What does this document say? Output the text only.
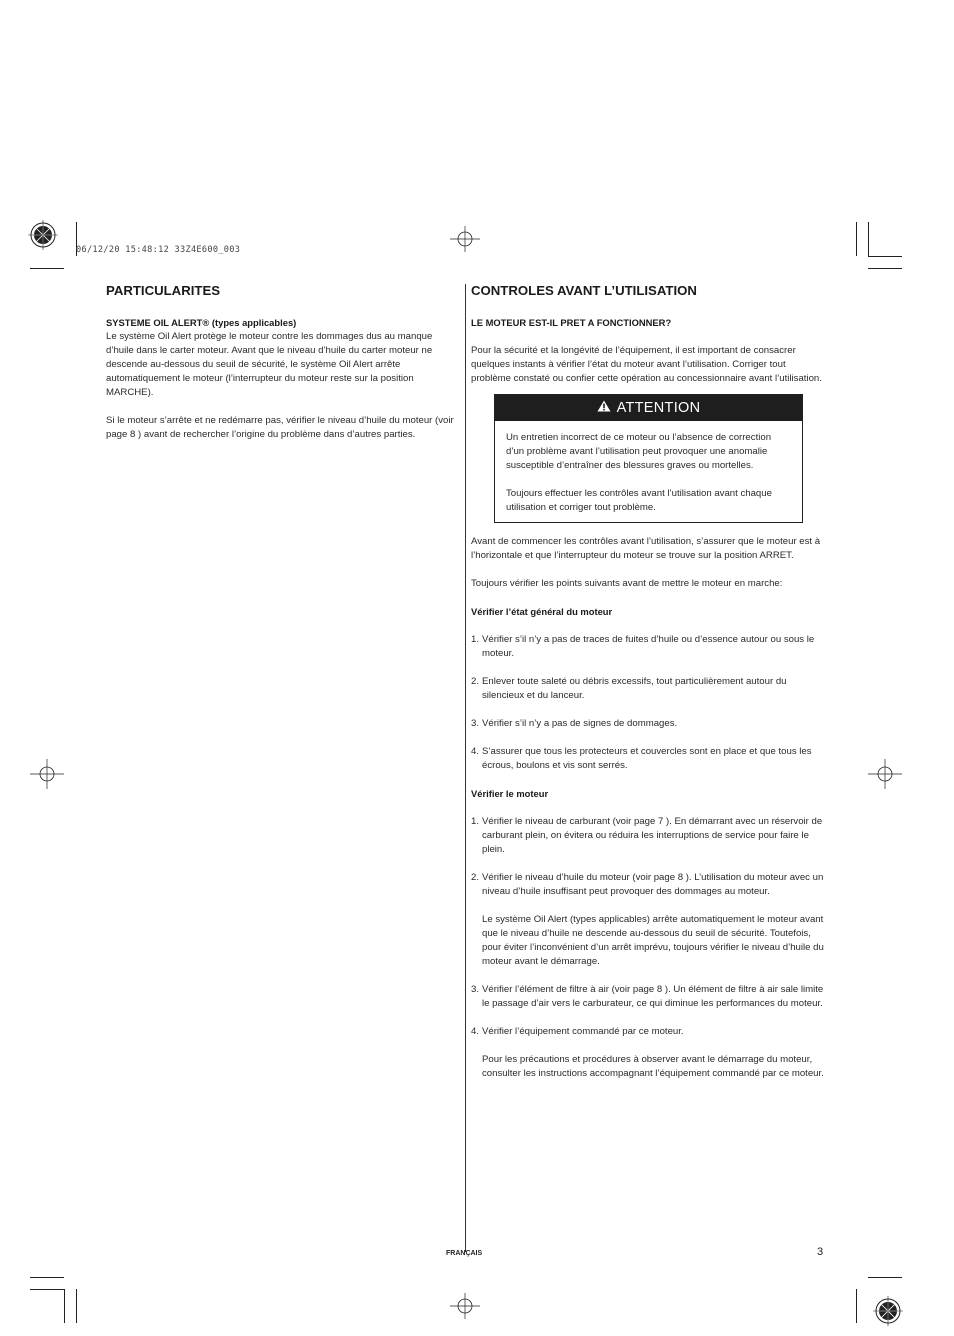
06/12/20 15:48:12 33Z4E600_003
PARTICULARITES
SYSTEME OIL ALERT® (types applicables)

Le système Oil Alert protège le moteur contre les dommages dus au manque d’huile dans le carter moteur. Avant que le niveau d’huile du carter moteur ne descende au-dessous du seuil de sécurité, le système Oil Alert arrête automatiquement le moteur (l’interrupteur du moteur reste sur la position MARCHE).

Si le moteur s’arrête et ne redémarre pas, vérifier le niveau d’huile du moteur (voir page 8 ) avant de rechercher l’origine du problème dans d’autres parties.

CONTROLES AVANT L’UTILISATION
LE MOTEUR EST-IL PRET A FONCTIONNER?

Pour la sécurité et la longévité de l’équipement, il est important de consacrer quelques instants à vérifier l’état du moteur avant l’utilisation. Corriger tout problème constaté ou confier cette opération au concessionnaire avant l’utilisation.

ATTENTION

Un entretien incorrect de ce moteur ou l’absence de correction d’un problème avant l’utilisation peut provoquer une anomalie susceptible d’entraîner des blessures graves ou mortelles.

Toujours effectuer les contrôles avant l’utilisation avant chaque utilisation et corriger tout problème.

Avant de commencer les contrôles avant l’utilisation, s’assurer que le moteur est à l’horizontale et que l’interrupteur du moteur se trouve sur la position ARRET.

Toujours vérifier les points suivants avant de mettre le moteur en marche:

Vérifier l’état général du moteur
1. Vérifier s’il n’y a pas de traces de fuites d’huile ou d’essence autour ou sous le moteur.

2. Enlever toute saleté ou débris excessifs, tout particulièrement autour du silencieux et du lanceur.

3. Vérifier s’il n’y a pas de signes de dommages.

4. S’assurer que tous les protecteurs et couvercles sont en place et que tous les écrous, boulons et vis sont serrés.

Vérifier le moteur
1. Vérifier le niveau de carburant (voir page 7 ). En démarrant avec un réservoir de carburant plein, on évitera ou réduira les interruptions de service pour faire le plein.

2. Vérifier le niveau d’huile du moteur (voir page 8 ). L’utilisation du moteur avec un niveau d’huile insuffisant peut provoquer des dommages au moteur.

Le système Oil Alert (types applicables) arrête automatiquement le moteur avant que le niveau d’huile ne descende au-dessous du seuil de sécurité. Toutefois, pour éviter l’inconvénient d’un arrêt imprévu, toujours vérifier le niveau d’huile du moteur avant le démarrage.

3. Vérifier l’élément de filtre à air (voir page 8 ). Un élément de filtre à air sale limite le passage d’air vers le carburateur, ce qui diminue les performances du moteur.

4. Vérifier l’équipement commandé par ce moteur.

Pour les précautions et procédures à observer avant le démarrage du moteur, consulter les instructions accompagnant l’équipement commandé par ce moteur.

FRANÇAIS	3
